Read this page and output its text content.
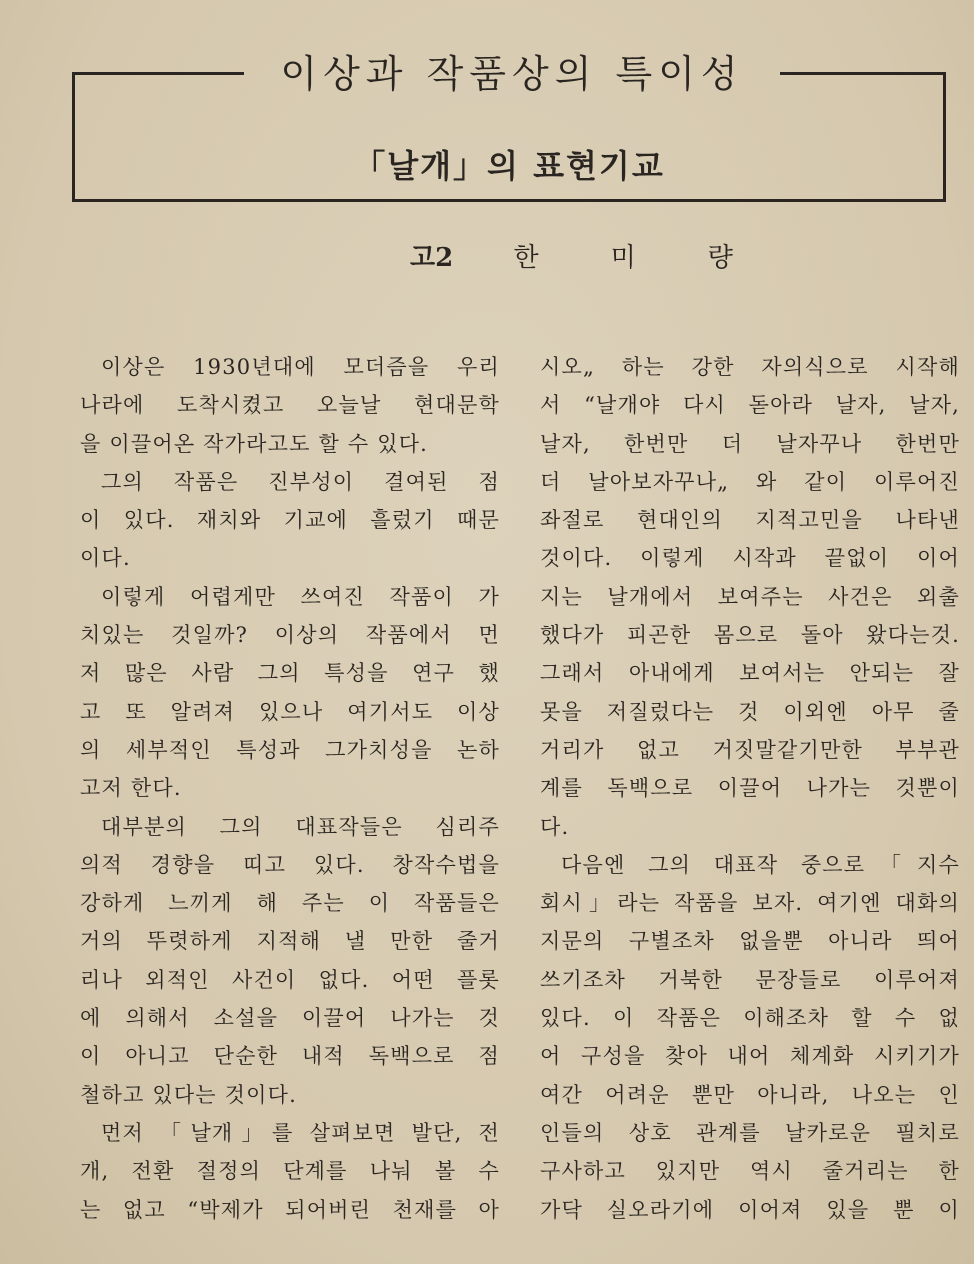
이상과 작품상의 특이성
「날개」의 표현기교
고2 한미량
이상은 1930년대에 모더즘을 우리
나라에 도착시켰고 오늘날 현대문학
을 이끌어온 작가라고도 할 수 있다.
그의 작품은 진부성이 결여된 점
이 있다. 재치와 기교에 흘렀기 때문
이다.
이렇게 어렵게만 쓰여진 작품이 가
치있는 것일까? 이상의 작품에서 먼
저 많은 사람 그의 특성을 연구 했
고 또 알려져 있으나 여기서도 이상
의 세부적인 특성과 그가치성을 논하
고저 한다.
대부분의 그의 대표작들은 심리주
의적 경향을 띠고 있다. 창작수법을
강하게 느끼게 해 주는 이 작품들은
거의 뚜렷하게 지적해 낼 만한 줄거
리나 외적인 사건이 없다. 어떤 플롯
에 의해서 소설을 이끌어 나가는 것
이 아니고 단순한 내적 독백으로 점
철하고 있다는 것이다.
먼저 「날개」를 살펴보면 발단, 전
개, 전환 절정의 단계를 나눠 볼 수
는 없고 “박제가 되어버린 천재를 아
시오„ 하는 강한 자의식으로 시작해
서 “날개야 다시 돋아라 날자, 날자,
날자, 한번만 더 날자꾸나 한번만
더 날아보자꾸나„ 와 같이 이루어진
좌절로 현대인의 지적고민을 나타낸
것이다. 이렇게 시작과 끝없이 이어
지는 날개에서 보여주는 사건은 외출
했다가 피곤한 몸으로 돌아 왔다는것.
그래서 아내에게 보여서는 안되는 잘
못을 저질렀다는 것 이외엔 아무 줄
거리가 없고 거짓말같기만한 부부관
계를 독백으로 이끌어 나가는 것뿐이
다.
다음엔 그의 대표작 중으로「지수
회시」라는 작품을 보자. 여기엔 대화의
지문의 구별조차 없을뿐 아니라 띄어
쓰기조차 거북한 문장들로 이루어져
있다. 이 작품은 이해조차 할 수 없
어 구성을 찾아 내어 체계화 시키기가
여간 어려운 뿐만 아니라, 나오는 인
인들의 상호 관계를 날카로운 필치로
구사하고 있지만 역시 줄거리는 한
가닥 실오라기에 이어져 있을 뿐 이
